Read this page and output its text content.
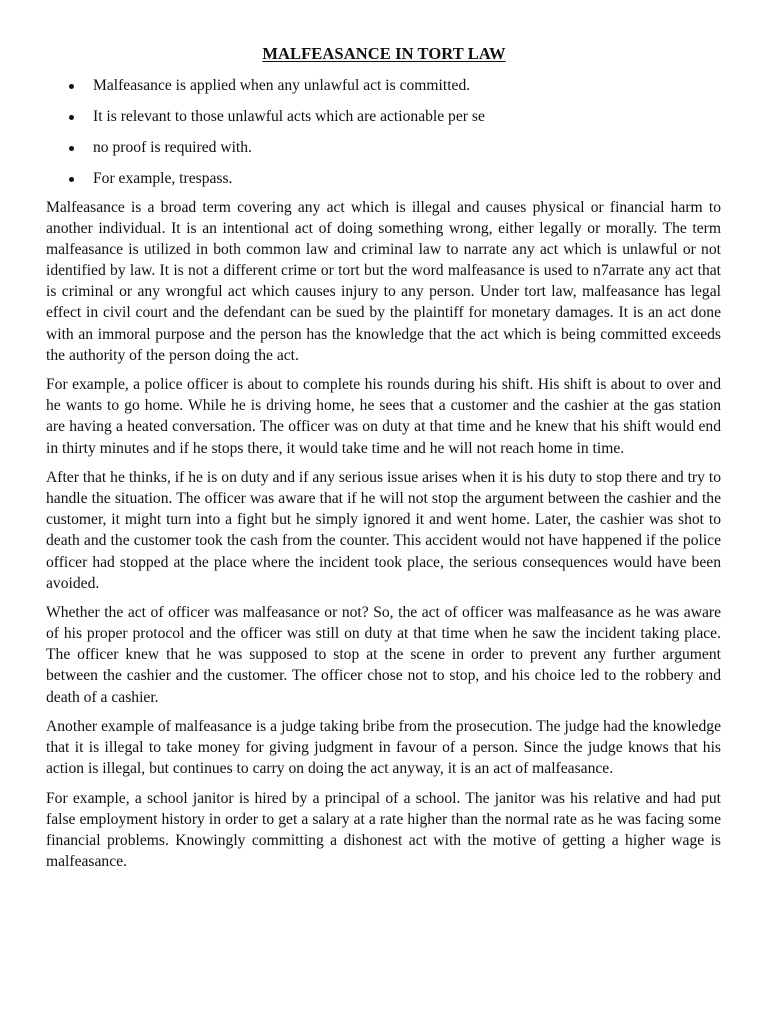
MALFEASANCE IN TORT LAW
Malfeasance is applied when any unlawful act is committed.
It is relevant to those unlawful acts which are actionable per se
no proof is required with.
For example, trespass.

Malfeasance is a broad term covering any act which is illegal and causes physical or financial harm to another individual. It is an intentional act of doing something wrong, either legally or morally. The term malfeasance is utilized in both common law and criminal law to narrate any act which is unlawful or not identified by law. It is not a different crime or tort but the word malfeasance is used to n7arrate any act that is criminal or any wrongful act which causes injury to any person. Under tort law, malfeasance has legal effect in civil court and the defendant can be sued by the plaintiff for monetary damages. It is an act done with an immoral purpose and the person has the knowledge that the act which is being committed exceeds the authority of the person doing the act.

For example, a police officer is about to complete his rounds during his shift. His shift is about to over and he wants to go home. While he is driving home, he sees that a customer and the cashier at the gas station are having a heated conversation. The officer was on duty at that time and he knew that his shift would end in thirty minutes and if he stops there, it would take time and he will not reach home in time.

After that he thinks, if he is on duty and if any serious issue arises when it is his duty to stop there and try to handle the situation. The officer was aware that if he will not stop the argument between the cashier and the customer, it might turn into a fight but he simply ignored it and went home. Later, the cashier was shot to death and the customer took the cash from the counter. This accident would not have happened if the police officer had stopped at the place where the incident took place, the serious consequences would have been avoided.

Whether the act of officer was malfeasance or not? So, the act of officer was malfeasance as he was aware of his proper protocol and the officer was still on duty at that time when he saw the incident taking place. The officer knew that he was supposed to stop at the scene in order to prevent any further argument between the cashier and the customer. The officer chose not to stop, and his choice led to the robbery and death of a cashier.

Another example of malfeasance is a judge taking bribe from the prosecution. The judge had the knowledge that it is illegal to take money for giving judgment in favour of a person. Since the judge knows that his action is illegal, but continues to carry on doing the act anyway, it is an act of malfeasance.

For example, a school janitor is hired by a principal of a school. The janitor was his relative and had put false employment history in order to get a salary at a rate higher than the normal rate as he was facing some financial problems. Knowingly committing a dishonest act with the motive of getting a higher wage is malfeasance.
